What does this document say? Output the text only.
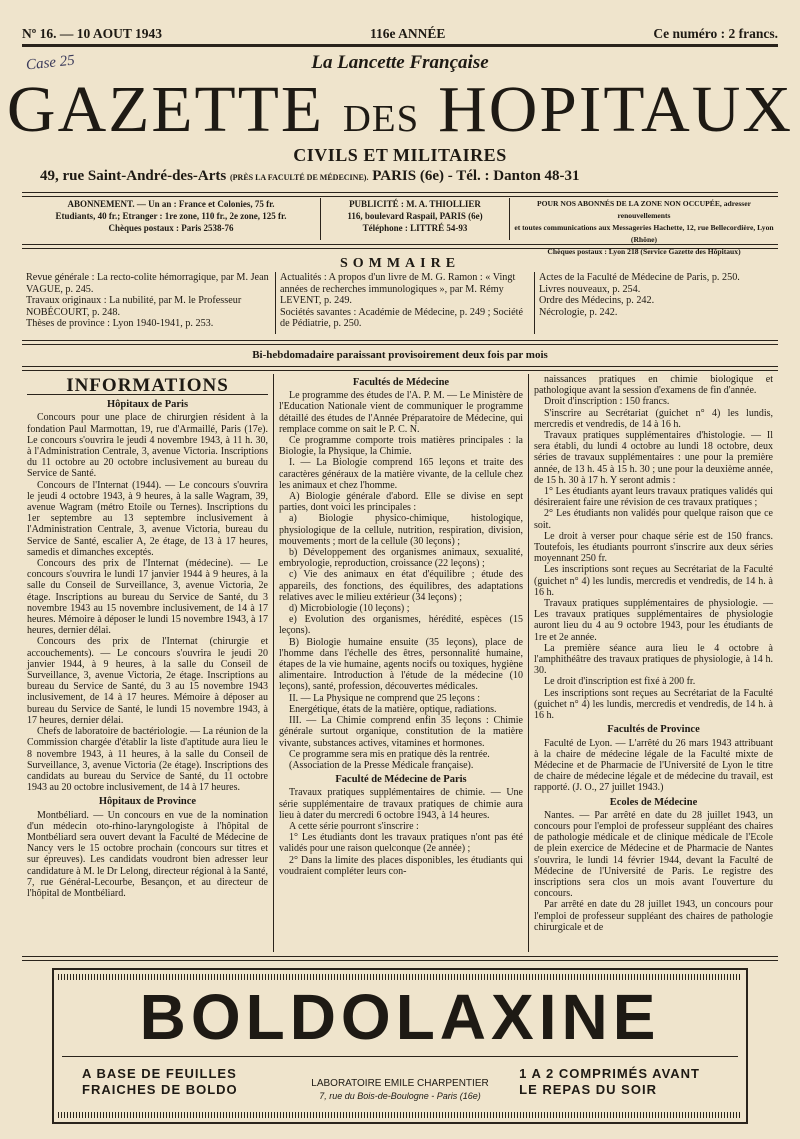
Nº 16. — 10 AOUT 1943	116e ANNÉE	Ce numéro : 2 francs.
Case 25	La Lancette Française
GAZETTE DES HOPITAUX
CIVILS ET MILITAIRES
49, rue Saint-André-des-Arts (PRÈS LA FACULTÉ DE MÉDECINE). PARIS (6e) - Tél. : Danton 48-31
ABONNEMENT. — Un an : France et Colonies, 75 fr.
Etudiants, 40 fr.; Etranger : 1re zone, 110 fr., 2e zone, 125 fr.
Chèques postaux : Paris 2538-76
PUBLICITÉ : M. A. THIOLLIER
116, boulevard Raspail, PARIS (6e)
Téléphone : LITTRÉ 54-93
POUR NOS ABONNÉS DE LA ZONE NON OCCUPÉE, adresser renouvellements
et toutes communications aux Messageries Hachette, 12, rue Bellecordière, Lyon (Rhône)
Chèques postaux : Lyon 218 (Service Gazette des Hôpitaux)
SOMMAIRE
Revue générale : La recto-colite hémorragique, par M. Jean VAGUE, p. 245.
Travaux originaux : La nubilité, par M. le Professeur NOBÉCOURT, p. 248.
Thèses de province : Lyon 1940-1941, p. 253.
Actualités : A propos d'un livre de M. G. Ramon : « Vingt années de recherches immunologiques », par M. Rémy LEVENT, p. 249.
Sociétés savantes : Académie de Médecine, p. 249 ; Société de Pédiatrie, p. 250.
Actes de la Faculté de Médecine de Paris, p. 250.
Livres nouveaux, p. 254.
Ordre des Médecins, p. 242.
Nécrologie, p. 242.
Bi-hebdomadaire paraissant provisoirement deux fois par mois
INFORMATIONS
Hôpitaux de Paris

Concours pour une place de chirurgien résident à la fondation Paul Marmottan, 19, rue d'Armaillé, Paris (17e). Le concours s'ouvrira le jeudi 4 novembre 1943, à 11 h. 30, à l'Administration Centrale, 3, avenue Victoria. Inscriptions du 11 octobre au 20 octobre inclusivement au bureau du Service de Santé.

Concours de l'Internat (1944). — Le concours s'ouvrira le jeudi 4 octobre 1943, à 9 heures, à la salle Wagram, 39, avenue Wagram (métro Etoile ou Ternes). Inscriptions du 1er septembre au 13 septembre inclusivement à l'Administration Centrale, 3, avenue Victoria, bureau du Service de Santé, escalier A, 2e étage, de 13 à 17 heures, samedis et dimanches exceptés.

Concours des prix de l'Internat (médecine). — Le concours s'ouvrira le lundi 17 janvier 1944 à 9 heures, à la salle du Conseil de Surveillance, 3, avenue Victoria, 2e étage. Inscriptions au bureau du Service de Santé, du 3 novembre 1943 au 15 novembre inclusivement, de 14 à 17 heures. Mémoire à déposer le lundi 15 novembre 1943, à 17 heures, dernier délai.

Concours des prix de l'Internat (chirurgie et accouchements). — Le concours s'ouvrira le jeudi 20 janvier 1944, à 9 heures, à la salle du Conseil de Surveillance, 3, avenue Victoria, 2e étage. Inscriptions au bureau du Service de Santé, du 3 au 15 novembre 1943 inclusivement, de 14 à 17 heures. Mémoire à déposer au bureau du Service de Santé, le lundi 15 novembre 1943, à 17 heures, dernier délai.

Chefs de laboratoire de bactériologie. — La réunion de la Commission chargée d'établir la liste d'aptitude aura lieu le 8 novembre 1943, à 11 heures, à la salle du Conseil de Surveillance, 3, avenue Victoria (2e étage). Inscriptions des candidats au bureau du Service de Santé, du 11 octobre 1943 au 20 octobre inclusivement, de 14 à 17 heures.

Hôpitaux de Province

Montbéliard. — Un concours en vue de la nomination d'un médecin oto-rhino-laryngologiste à l'hôpital de Montbéliard sera ouvert devant la Faculté de Médecine de Nancy vers le 15 octobre prochain (concours sur titres et sur épreuves). Les candidats voudront bien adresser leur candidature à M. le Dr Lelong, directeur régional à la Santé, 7, rue Général-Lecourbe, Besançon, et au directeur de l'hôpital de Montbéliard.

Facultés de Médecine

Le programme des études de l'A. P. M. — Le Ministère de l'Education Nationale vient de communiquer le programme détaillé des études de l'Année Préparatoire de Médecine, qui remplace comme on sait le P. C. N.

Ce programme comporte trois matières principales : la Biologie, la Physique, la Chimie.

I. — La Biologie comprend 165 leçons et traite des caractères généraux de la matière vivante, de la cellule chez les animaux et chez l'homme.

A) Biologie générale d'abord. Elle se divise en sept parties, dont voici les principales :

a) Biologie physico-chimique, histologique, physiologique de la cellule, nutrition, respiration, division, mouvements ; mort de la cellule (30 leçons) ;

b) Développement des organismes animaux, sexualité, embryologie, reproduction, croissance (22 leçons) ;

c) Vie des animaux en état d'équilibre ; étude des appareils, des fonctions, des équilibres, des adaptations relatives avec le milieu extérieur (34 leçons) ;

d) Microbiologie (10 leçons) ;

e) Evolution des organismes, hérédité, espèces (15 leçons).

B) Biologie humaine ensuite (35 leçons), place de l'homme dans l'échelle des êtres, personnalité humaine, étapes de la vie humaine, agents nocifs ou toxiques, hygiène alimentaire. Introduction à l'étude de la médecine (10 leçons), santé, profession, découvertes médicales.

II. — La Physique ne comprend que 25 leçons :

Energétique, états de la matière, optique, radiations.

III. — La Chimie comprend enfin 35 leçons : Chimie générale surtout organique, constitution de la matière vivante, substances actives, vitamines et hormones.

Ce programme sera mis en pratique dès la rentrée.

(Association de la Presse Médicale française).

Faculté de Médecine de Paris

Travaux pratiques supplémentaires de chimie. — Une série supplémentaire de travaux pratiques de chimie aura lieu à dater du mercredi 6 octobre 1943, à 14 heures.

A cette série pourront s'inscrire :

1° Les étudiants dont les travaux pratiques n'ont pas été validés pour une raison quelconque (2e année) ;

2° Dans la limite des places disponibles, les étudiants qui voudraient compléter leurs con-

naissances pratiques en chimie biologique et pathologique avant la session d'examens de fin d'année.

Droit d'inscription : 150 francs.

S'inscrire au Secrétariat (guichet n° 4) les lundis, mercredis et vendredis, de 14 à 16 h.

Travaux pratiques supplémentaires d'histologie. — Il sera établi, du lundi 4 octobre au lundi 18 octobre, deux séries de travaux supplémentaires : une pour la première année, de 13 h. 45 à 15 h. 30 ; une pour la deuxième année, de 15 h. 30 à 17 h. Y seront admis :

1° Les étudiants ayant leurs travaux pratiques validés qui désireraient faire une révision de ces travaux pratiques ;

2° Les étudiants non validés pour quelque raison que ce soit.

Le droit à verser pour chaque série est de 150 francs. Toutefois, les étudiants pourront s'inscrire aux deux séries moyennant 250 fr.

Les inscriptions sont reçues au Secrétariat de la Faculté (guichet n° 4) les lundis, mercredis et vendredis, de 14 h. à 16 h.

Travaux pratiques supplémentaires de physiologie. — Les travaux pratiques supplémentaires de physiologie auront lieu du 4 au 9 octobre 1943, pour les étudiants de 1re et 2e année.

La première séance aura lieu le 4 octobre à l'amphithéâtre des travaux pratiques de physiologie, à 14 h. 30.

Le droit d'inscription est fixé à 200 fr.

Les inscriptions sont reçues au Secrétariat de la Faculté (guichet n° 4) les lundis, mercredis et vendredis, de 14 h. à 16 h.

Facultés de Province

Faculté de Lyon. — L'arrêté du 26 mars 1943 attribuant à la chaire de médecine légale de la Faculté mixte de Médecine et de Pharmacie de l'Université de Lyon le titre de chaire de médecine légale et de médecine du travail, est rapporté. (J. O., 27 juillet 1943.)

Ecoles de Médecine

Nantes. — Par arrêté en date du 28 juillet 1943, un concours pour l'emploi de professeur suppléant des chaires de pathologie médicale et de clinique médicale de l'Ecole de plein exercice de Médecine et de Pharmacie de Nantes s'ouvrira, le lundi 14 février 1944, devant la Faculté de Médecine de l'Université de Paris. Le registre des inscriptions sera clos un mois avant l'ouverture du concours.

Par arrêté en date du 28 juillet 1943, un concours pour l'emploi de professeur suppléant des chaires de pathologie chirurgicale et de

BOLDOLAXINE
A BASE DE FEUILLES
FRAICHES DE BOLDO	LABORATOIRE EMILE CHARPENTIER
7, rue du Bois-de-Boulogne - Paris (16e)
1 A 2 COMPRIMÉS AVANT
LE REPAS DU SOIR
